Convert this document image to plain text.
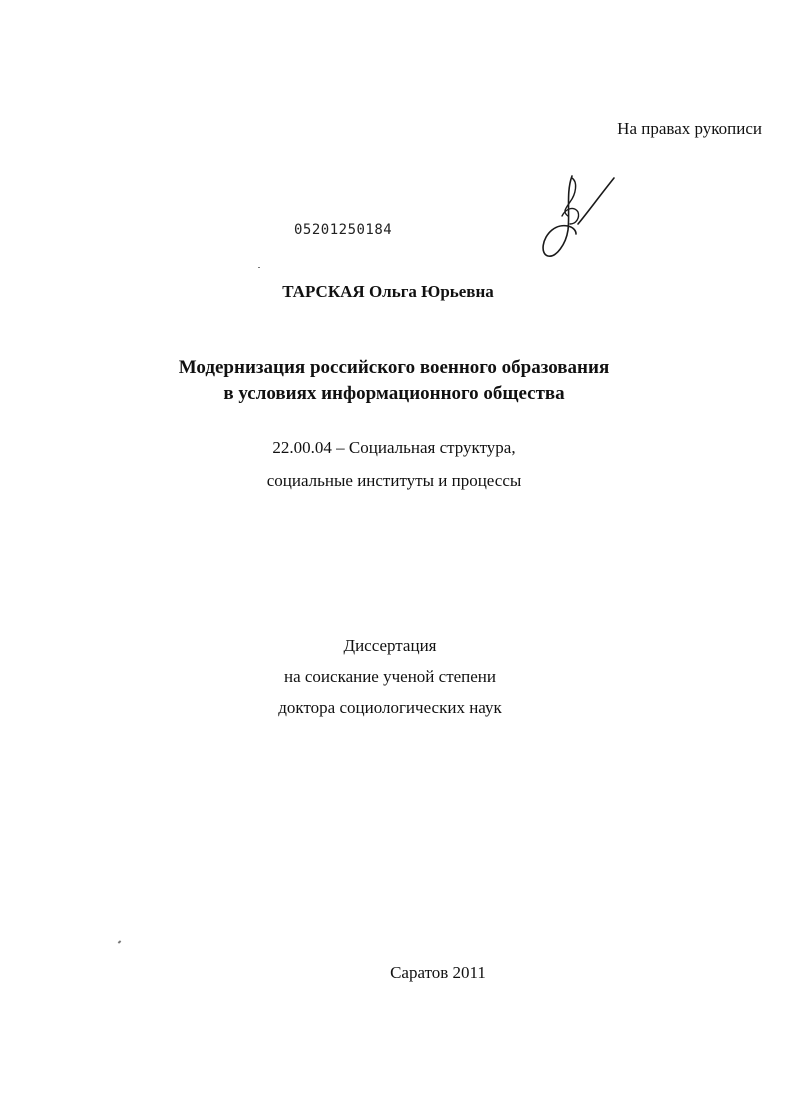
На правах рукописи
05201250184
ТАРСКАЯ Ольга Юрьевна
Модернизация российского военного образования
в условиях информационного общества
22.00.04 – Социальная структура,
социальные институты и процессы
Диссертация
на соискание ученой степени
доктора социологических наук
Саратов 2011
